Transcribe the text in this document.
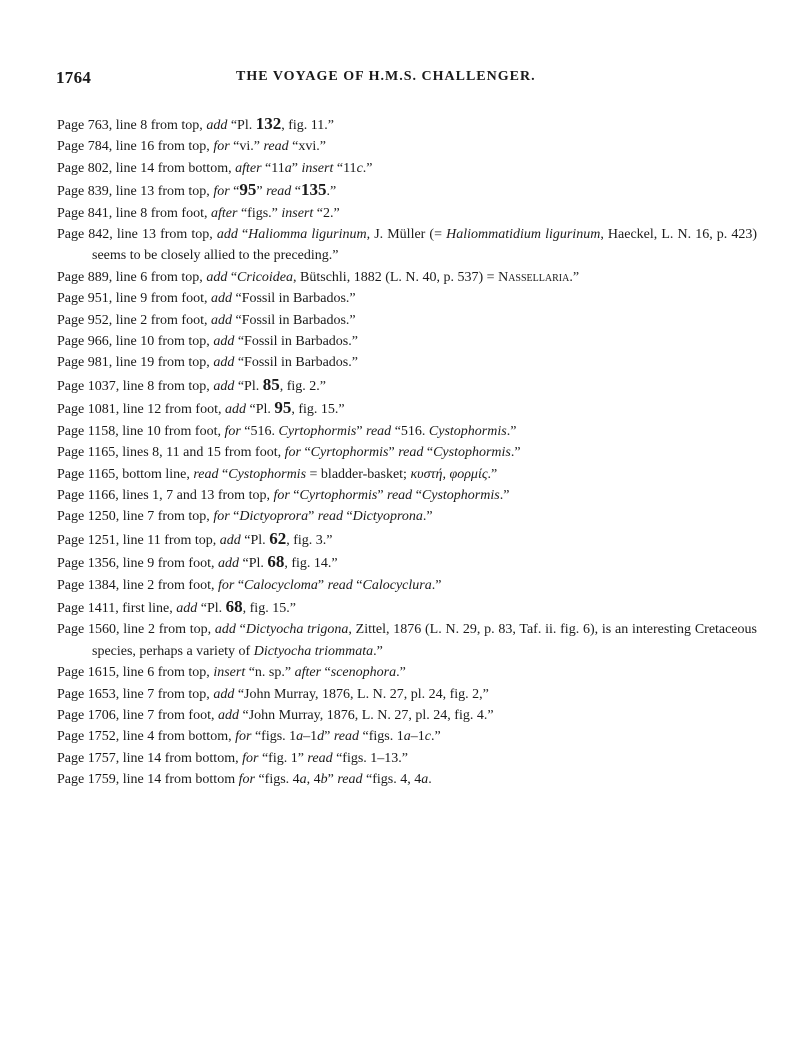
1764	THE VOYAGE OF H.M.S. CHALLENGER.
Page 763, line 8 from top, add “Pl. 132, fig. 11.”
Page 784, line 16 from top, for “vi.” read “xvi.”
Page 802, line 14 from bottom, after “11a” insert “11c.”
Page 839, line 13 from top, for “95” read “135.”
Page 841, line 8 from foot, after “figs.” insert “2.”
Page 842, line 13 from top, add “Haliomma ligurinum, J. Müller (= Haliommatidium ligurinum, Haeckel, L. N. 16, p. 423) seems to be closely allied to the preceding.”
Page 889, line 6 from top, add “Cricoidea, Bütschli, 1882 (L. N. 40, p. 537) = Nassellaria.”
Page 951, line 9 from foot, add “Fossil in Barbados.”
Page 952, line 2 from foot, add “Fossil in Barbados.”
Page 966, line 10 from top, add “Fossil in Barbados.”
Page 981, line 19 from top, add “Fossil in Barbados.”
Page 1037, line 8 from top, add “Pl. 85, fig. 2.”
Page 1081, line 12 from foot, add “Pl. 95, fig. 15.”
Page 1158, line 10 from foot, for “516. Cyrtophormis” read “516. Cystophormis.”
Page 1165, lines 8, 11 and 15 from foot, for “Cyrtophormis” read “Cystophormis.”
Page 1165, bottom line, read “Cystophormis = bladder-basket; κυστή, φορμίς.”
Page 1166, lines 1, 7 and 13 from top, for “Cyrtophormis” read “Cystophormis.”
Page 1250, line 7 from top, for “Dictyoprora” read “Dictyoprona.”
Page 1251, line 11 from top, add “Pl. 62, fig. 3.”
Page 1356, line 9 from foot, add “Pl. 68, fig. 14.”
Page 1384, line 2 from foot, for “Calocycloma” read “Calocyclura.”
Page 1411, first line, add “Pl. 68, fig. 15.”
Page 1560, line 2 from top, add “Dictyocha trigona, Zittel, 1876 (L. N. 29, p. 83, Taf. ii. fig. 6), is an interesting Cretaceous species, perhaps a variety of Dictyocha triommata.”
Page 1615, line 6 from top, insert “n. sp.” after “scenophora.”
Page 1653, line 7 from top, add “John Murray, 1876, L. N. 27, pl. 24, fig. 2,”
Page 1706, line 7 from foot, add “John Murray, 1876, L. N. 27, pl. 24, fig. 4.”
Page 1752, line 4 from bottom, for “figs. 1a–1d” read “figs. 1a–1c.”
Page 1757, line 14 from bottom, for “fig. 1” read “figs. 1–13.”
Page 1759, line 14 from bottom for “figs. 4a, 4b” read “figs. 4, 4a.
